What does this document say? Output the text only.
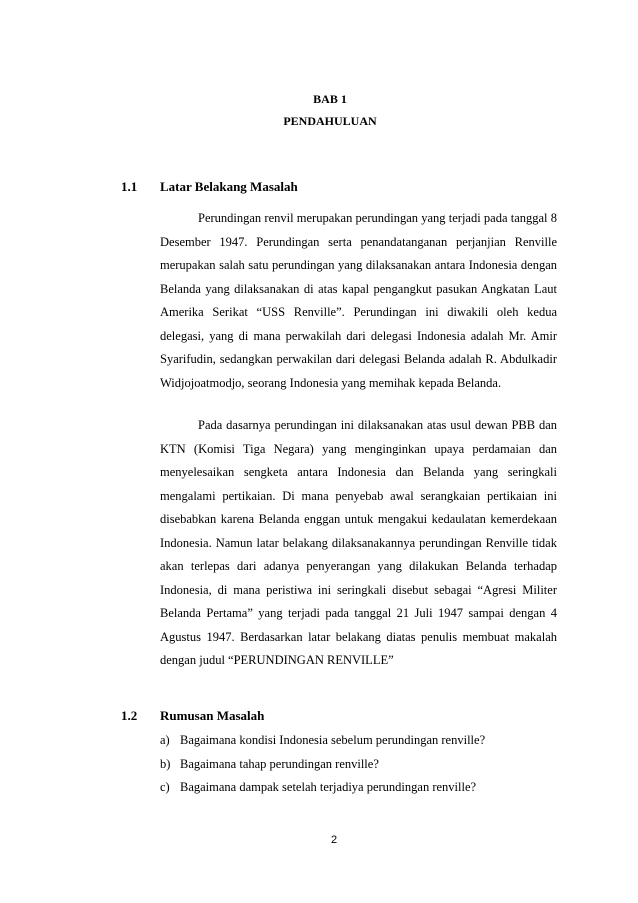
BAB 1
PENDAHULUAN
1.1 Latar Belakang Masalah

Perundingan renvil merupakan perundingan yang terjadi pada tanggal 8 Desember 1947. Perundingan serta penandatanganan perjanjian Renville merupakan salah satu perundingan yang dilaksanakan antara Indonesia dengan Belanda yang dilaksanakan di atas kapal pengangkut pasukan Angkatan Laut Amerika Serikat “USS Renville”. Perundingan ini diwakili oleh kedua delegasi, yang di mana perwakilah dari delegasi Indonesia adalah Mr. Amir Syarifudin, sedangkan perwakilan dari delegasi Belanda adalah R. Abdulkadir Widjojoatmodjo, seorang Indonesia yang memihak kepada Belanda.

Pada dasarnya perundingan ini dilaksanakan atas usul dewan PBB dan KTN (Komisi Tiga Negara) yang menginginkan upaya perdamaian dan menyelesaikan sengketa antara Indonesia dan Belanda yang seringkali mengalami pertikaian. Di mana penyebab awal serangkaian pertikaian ini disebabkan karena Belanda enggan untuk mengakui kedaulatan kemerdekaan Indonesia. Namun latar belakang dilaksanakannya perundingan Renville tidak akan terlepas dari adanya penyerangan yang dilakukan Belanda terhadap Indonesia, di mana peristiwa ini seringkali disebut sebagai “Agresi Militer Belanda Pertama” yang terjadi pada tanggal 21 Juli 1947 sampai dengan 4 Agustus 1947. Berdasarkan latar belakang diatas penulis membuat makalah dengan judul “PERUNDINGAN RENVILLE”

1.2 Rumusan Masalah
a) Bagaimana kondisi Indonesia sebelum perundingan renville?
b) Bagaimana tahap perundingan renville?
c) Bagaimana dampak setelah terjadiya perundingan renville?
2
